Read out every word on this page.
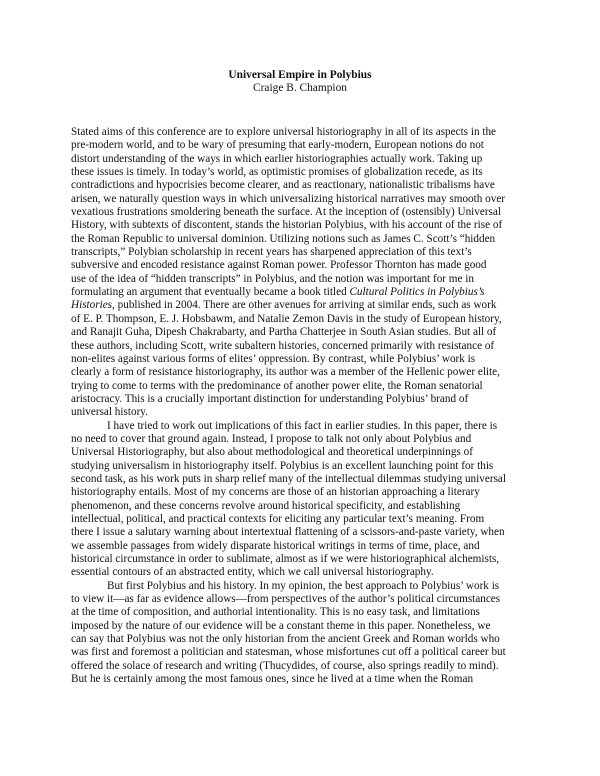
Universal Empire in Polybius
Craige B. Champion

Stated aims of this conference are to explore universal historiography in all of its aspects in the
pre-modern world, and to be wary of presuming that early-modern, European notions do not
distort understanding of the ways in which earlier historiographies actually work. Taking up
these issues is timely. In today’s world, as optimistic promises of globalization recede, as its
contradictions and hypocrisies become clearer, and as reactionary, nationalistic tribalisms have
arisen, we naturally question ways in which universalizing historical narratives may smooth over
vexatious frustrations smoldering beneath the surface. At the inception of (ostensibly) Universal
History, with subtexts of discontent, stands the historian Polybius, with his account of the rise of
the Roman Republic to universal dominion. Utilizing notions such as James C. Scott’s “hidden
transcripts,” Polybian scholarship in recent years has sharpened appreciation of this text’s
subversive and encoded resistance against Roman power. Professor Thornton has made good
use of the idea of “hidden transcripts” in Polybius, and the notion was important for me in
formulating an argument that eventually became a book titled Cultural Politics in Polybius’s
Histories, published in 2004. There are other avenues for arriving at similar ends, such as work
of E. P. Thompson, E. J. Hobsbawm, and Natalie Zemon Davis in the study of European history,
and Ranajit Guha, Dipesh Chakrabarty, and Partha Chatterjee in South Asian studies. But all of
these authors, including Scott, write subaltern histories, concerned primarily with resistance of
non-elites against various forms of elites’ oppression. By contrast, while Polybius’ work is
clearly a form of resistance historiography, its author was a member of the Hellenic power elite,
trying to come to terms with the predominance of another power elite, the Roman senatorial
aristocracy. This is a crucially important distinction for understanding Polybius’ brand of
universal history.

I have tried to work out implications of this fact in earlier studies. In this paper, there is
no need to cover that ground again. Instead, I propose to talk not only about Polybius and
Universal Historiography, but also about methodological and theoretical underpinnings of
studying universalism in historiography itself. Polybius is an excellent launching point for this
second task, as his work puts in sharp relief many of the intellectual dilemmas studying universal
historiography entails. Most of my concerns are those of an historian approaching a literary
phenomenon, and these concerns revolve around historical specificity, and establishing
intellectual, political, and practical contexts for eliciting any particular text’s meaning. From
there I issue a salutary warning about intertextual flattening of a scissors-and-paste variety, when
we assemble passages from widely disparate historical writings in terms of time, place, and
historical circumstance in order to sublimate, almost as if we were historiographical alchemists,
essential contours of an abstracted entity, which we call universal historiography.

But first Polybius and his history. In my opinion, the best approach to Polybius’ work is
to view it—as far as evidence allows—from perspectives of the author’s political circumstances
at the time of composition, and authorial intentionality. This is no easy task, and limitations
imposed by the nature of our evidence will be a constant theme in this paper. Nonetheless, we
can say that Polybius was not the only historian from the ancient Greek and Roman worlds who
was first and foremost a politician and statesman, whose misfortunes cut off a political career but
offered the solace of research and writing (Thucydides, of course, also springs readily to mind).
But he is certainly among the most famous ones, since he lived at a time when the Roman
